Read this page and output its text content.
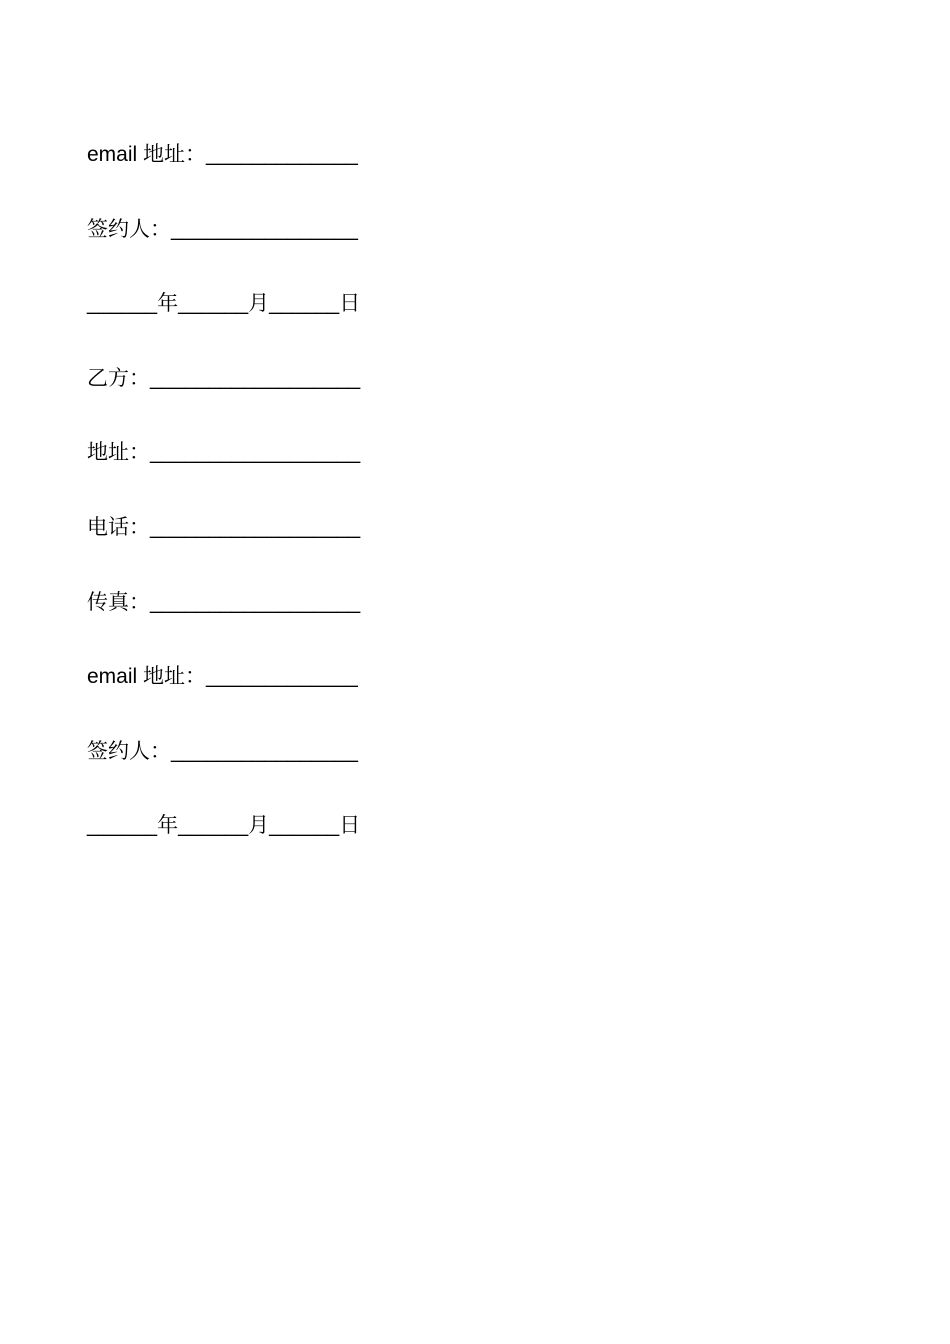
email 地址：_____________
签约人：________________
______年______月______日
乙方：__________________
地址：__________________
电话：__________________
传真：__________________
email 地址：_____________
签约人：________________
______年______月______日
